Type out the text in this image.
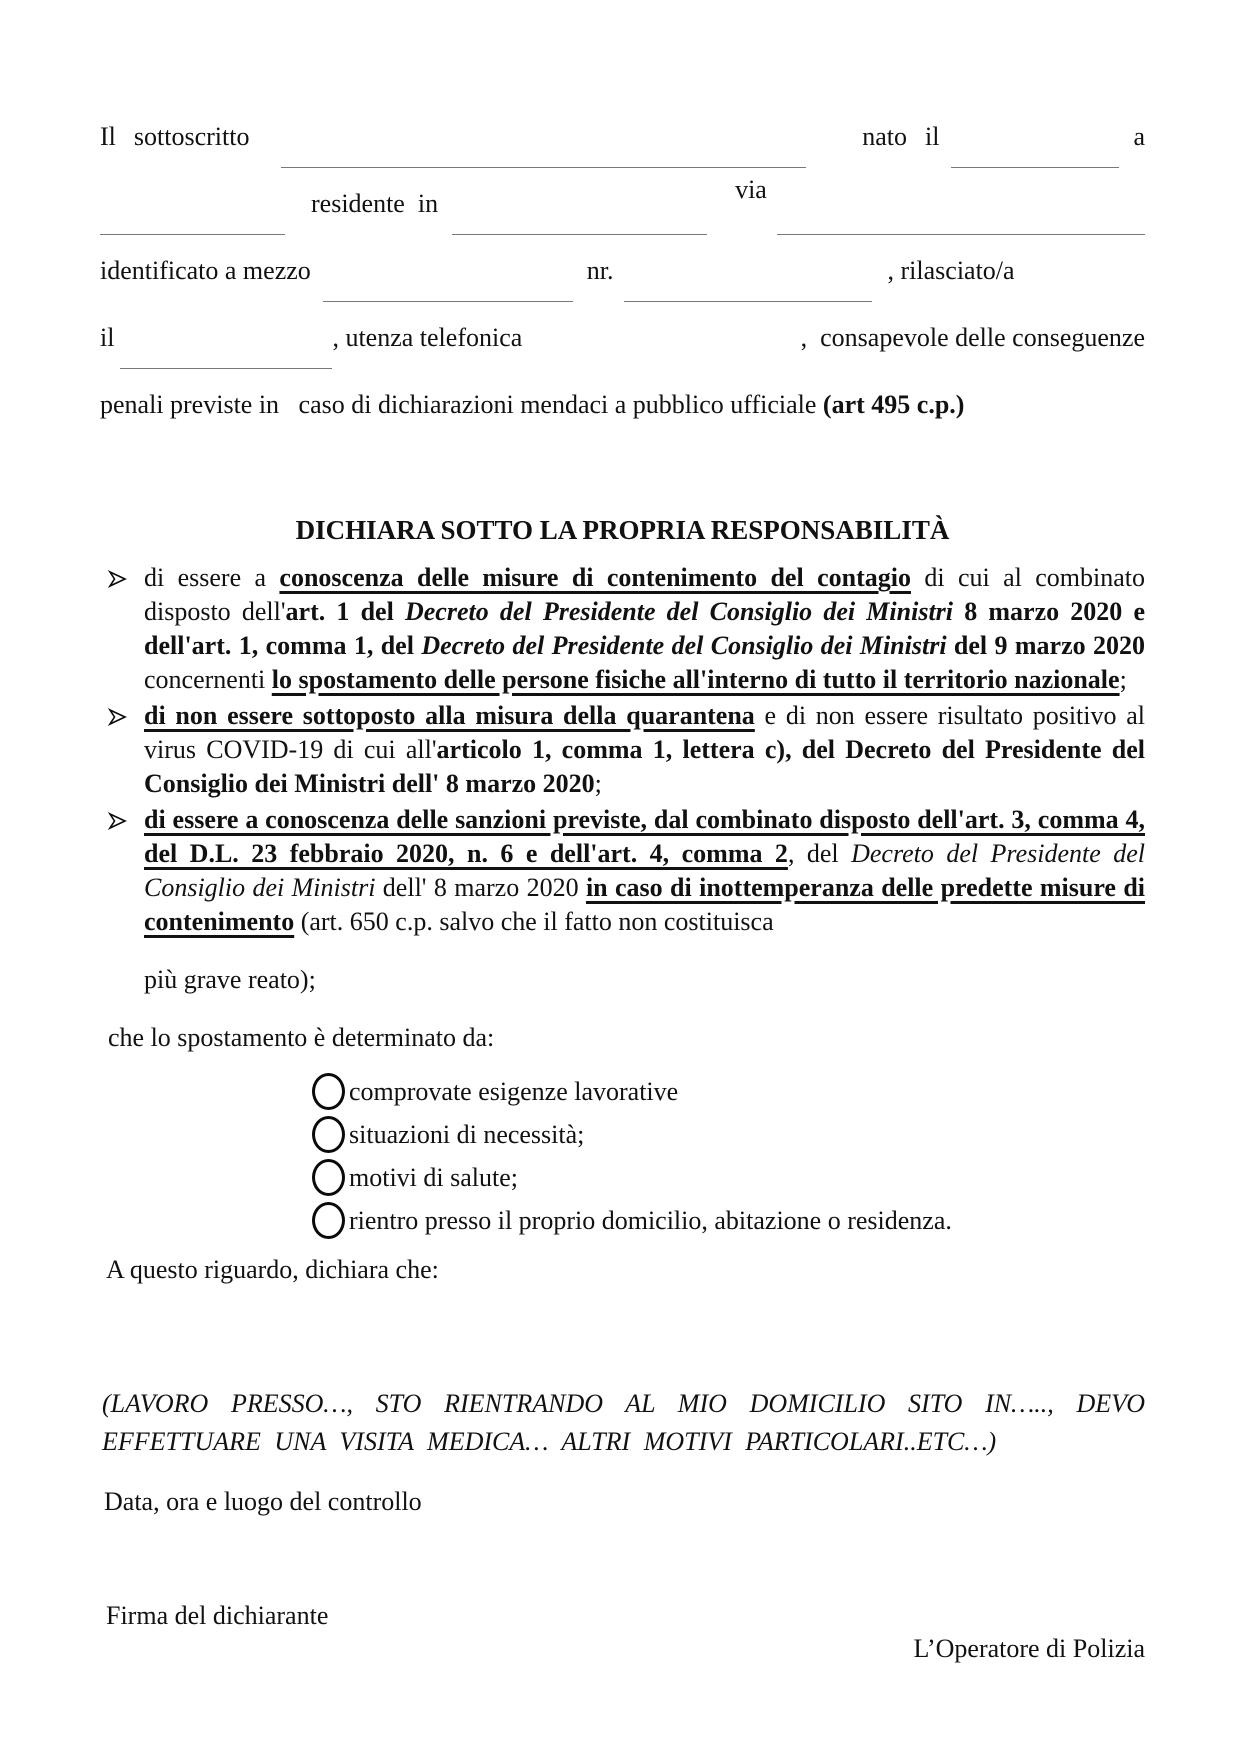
Il sottoscritto	nato il	a
residente  in	via
identificato a mezzo	nr.	, rilasciato/a
il	, utenza telefonica	,  consapevole delle conseguenze
penali previste in   caso di dichiarazioni mendaci a pubblico ufficiale (art 495 c.p.)
DICHIARA SOTTO LA PROPRIA RESPONSABILITÀ

di essere a conoscenza delle misure di contenimento del contagio di cui al combinato disposto dell'art. 1 del Decreto del Presidente del Consiglio dei Ministri 8 marzo 2020 e dell'art. 1, comma 1, del Decreto del Presidente del Consiglio dei Ministri del 9 marzo 2020 concernenti lo spostamento delle persone fisiche all'interno di tutto il territorio nazionale;

di non essere sottoposto alla misura della quarantena e di non essere risultato positivo al virus COVID-19 di cui all'articolo 1, comma 1, lettera c), del Decreto del Presidente del Consiglio dei Ministri dell' 8 marzo 2020;

di essere a conoscenza delle sanzioni previste, dal combinato disposto dell'art. 3, comma 4, del D.L. 23 febbraio 2020, n. 6 e dell'art. 4, comma 2, del Decreto del Presidente del Consiglio dei Ministri dell' 8 marzo 2020 in caso di inottemperanza delle predette misure di contenimento (art. 650 c.p. salvo che il fatto non costituisca

più grave reato);
che lo spostamento è determinato da:
comprovate esigenze lavorative
situazioni di necessità;
motivi di salute;
rientro presso il proprio domicilio, abitazione o residenza.
A questo riguardo, dichiara che:
(LAVORO PRESSO…, STO RIENTRANDO AL MIO DOMICILIO SITO IN….., DEVO EFFETTUARE UNA VISITA MEDICA… ALTRI MOTIVI PARTICOLARI..ETC…)
Data, ora e luogo del controllo
Firma del dichiarante
L’Operatore di Polizia
